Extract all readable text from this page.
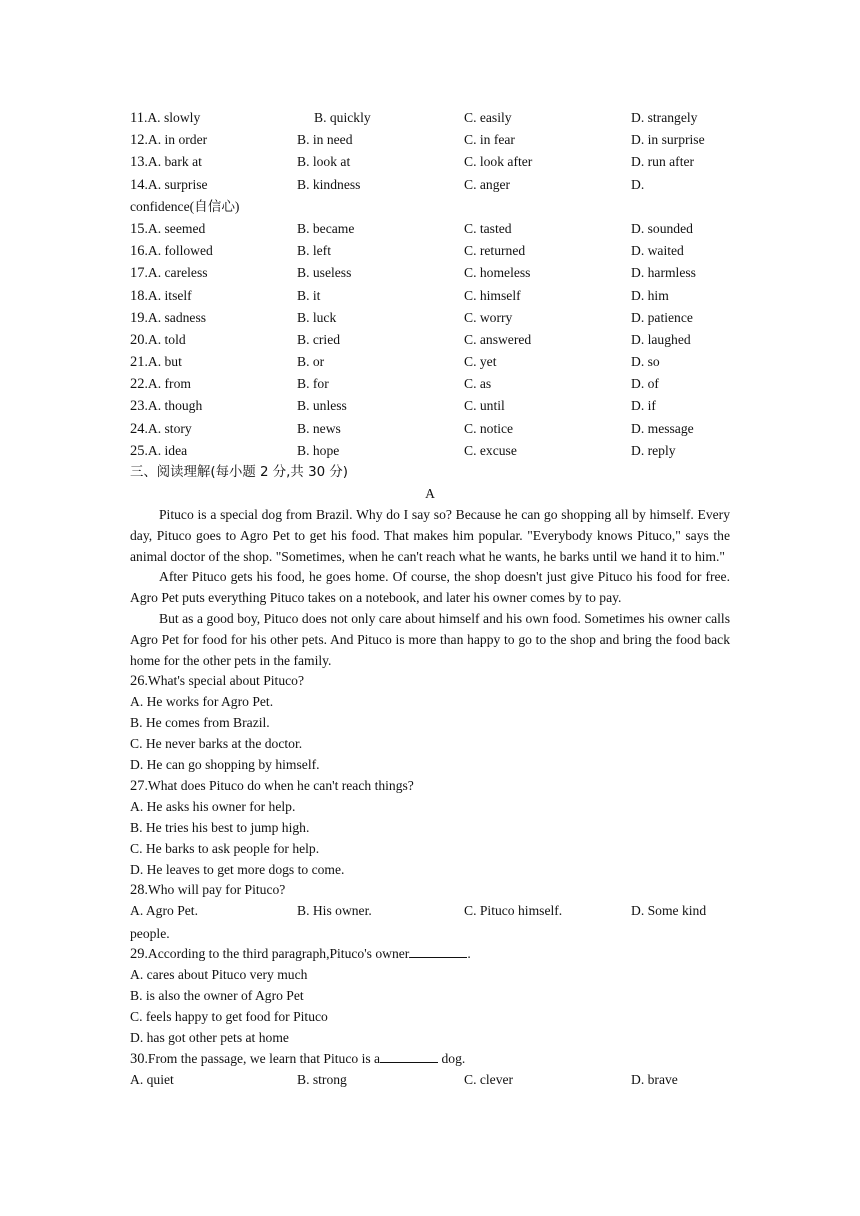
11.A. slowly	B. quickly	C. easily	D. strangely
12.A. in order	B. in need	C. in fear	D. in surprise
13.A. bark at	B. look at	C. look after	D. run after
14.A. surprise	B. kindness	C. anger	D.
confidence(自信心)
15.A. seemed	B. became	C. tasted	D. sounded
16.A. followed	B. left	C. returned	D. waited
17.A. careless	B. useless	C. homeless	D. harmless
18.A. itself	B. it	C. himself	D. him
19.A. sadness	B. luck	C. worry	D. patience
20.A. told	B. cried	C. answered	D. laughed
21.A. but	B. or	C. yet	D. so
22.A. from	B. for	C. as	D. of
23.A. though	B. unless	C. until	D. if
24.A. story	B. news	C. notice	D. message
25.A. idea	B. hope	C. excuse	D. reply
三、阅读理解(每小题 2 分,共 30 分)
A
Pituco is a special dog from Brazil. Why do I say so? Because he can go shopping all by himself. Every day, Pituco goes to Agro Pet to get his food. That makes him popular. "Everybody knows Pituco," says the animal doctor of the shop. "Sometimes, when he can't reach what he wants, he barks until we hand it to him."
After Pituco gets his food, he goes home. Of course, the shop doesn't just give Pituco his food for free. Agro Pet puts everything Pituco takes on a notebook, and later his owner comes by to pay.
But as a good boy, Pituco does not only care about himself and his own food. Sometimes his owner calls Agro Pet for food for his other pets. And Pituco is more than happy to go to the shop and bring the food back home for the other pets in the family.
26.What's special about Pituco?
A. He works for Agro Pet.
B. He comes from Brazil.
C. He never barks at the doctor.
D. He can go shopping by himself.
27.What does Pituco do when he can't reach things?
A. He asks his owner for help.
B. He tries his best to jump high.
C. He barks to ask people for help.
D. He leaves to get more dogs to come.
28.Who will pay for Pituco?
A. Agro Pet.	B. His owner.	C. Pituco himself.	D. Some kind
people.
29.According to the third paragraph,Pituco's owner	.
A. cares about Pituco very much
B. is also the owner of Agro Pet
C. feels happy to get food for Pituco
D. has got other pets at home
30.From the passage, we learn that Pituco is a	dog.
A. quiet	B. strong	C. clever	D. brave
